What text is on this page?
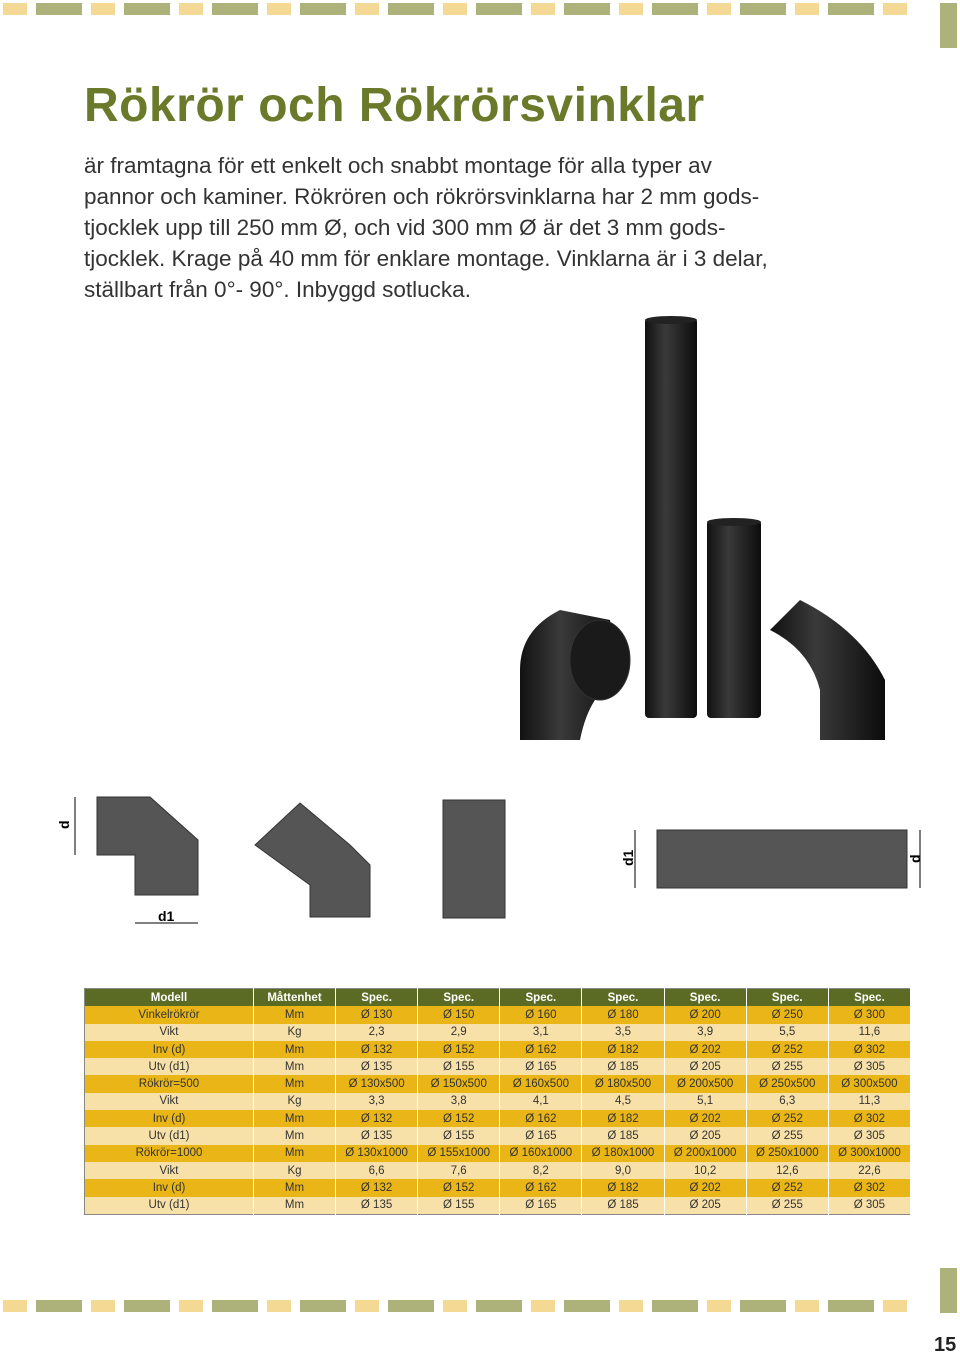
Rökrör och Rökrörsvinklar

är framtagna för ett enkelt och snabbt montage för alla typer av
pannor och kaminer. Rökrören och rökrörsvinklarna har 2 mm gods-
tjocklek upp till 250 mm Ø, och vid 300 mm Ø är det 3 mm gods-
tjocklek. Krage på 40 mm för enklare montage. Vinklarna är i 3 delar,
ställbart från 0°- 90°. Inbyggd sotlucka.

d
d1
d1	d
Modell	Måttenhet	Spec.	Spec.	Spec.	Spec.	Spec.	Spec.	Spec.
Vinkelrökrör	Mm	Ø 130	Ø 150	Ø 160	Ø 180	Ø 200	Ø 250	Ø 300
Vikt	Kg	2,3	2,9	3,1	3,5	3,9	5,5	11,6
Inv (d)	Mm	Ø 132	Ø 152	Ø 162	Ø 182	Ø 202	Ø 252	Ø 302
Utv (d1)	Mm	Ø 135	Ø 155	Ø 165	Ø 185	Ø 205	Ø 255	Ø 305
Rökrör=500	Mm	Ø 130x500	Ø 150x500	Ø 160x500	Ø 180x500	Ø 200x500	Ø 250x500	Ø 300x500
Vikt	Kg	3,3	3,8	4,1	4,5	5,1	6,3	11,3
Inv (d)	Mm	Ø 132	Ø 152	Ø 162	Ø 182	Ø 202	Ø 252	Ø 302
Utv (d1)	Mm	Ø 135	Ø 155	Ø 165	Ø 185	Ø 205	Ø 255	Ø 305
Rökrör=1000	Mm	Ø 130x1000	Ø 155x1000	Ø 160x1000	Ø 180x1000	Ø 200x1000	Ø 250x1000	Ø 300x1000
Vikt	Kg	6,6	7,6	8,2	9,0	10,2	12,6	22,6
Inv (d)	Mm	Ø 132	Ø 152	Ø 162	Ø 182	Ø 202	Ø 252	Ø 302
Utv (d1)	Mm	Ø 135	Ø 155	Ø 165	Ø 185	Ø 205	Ø 255	Ø 305
15
